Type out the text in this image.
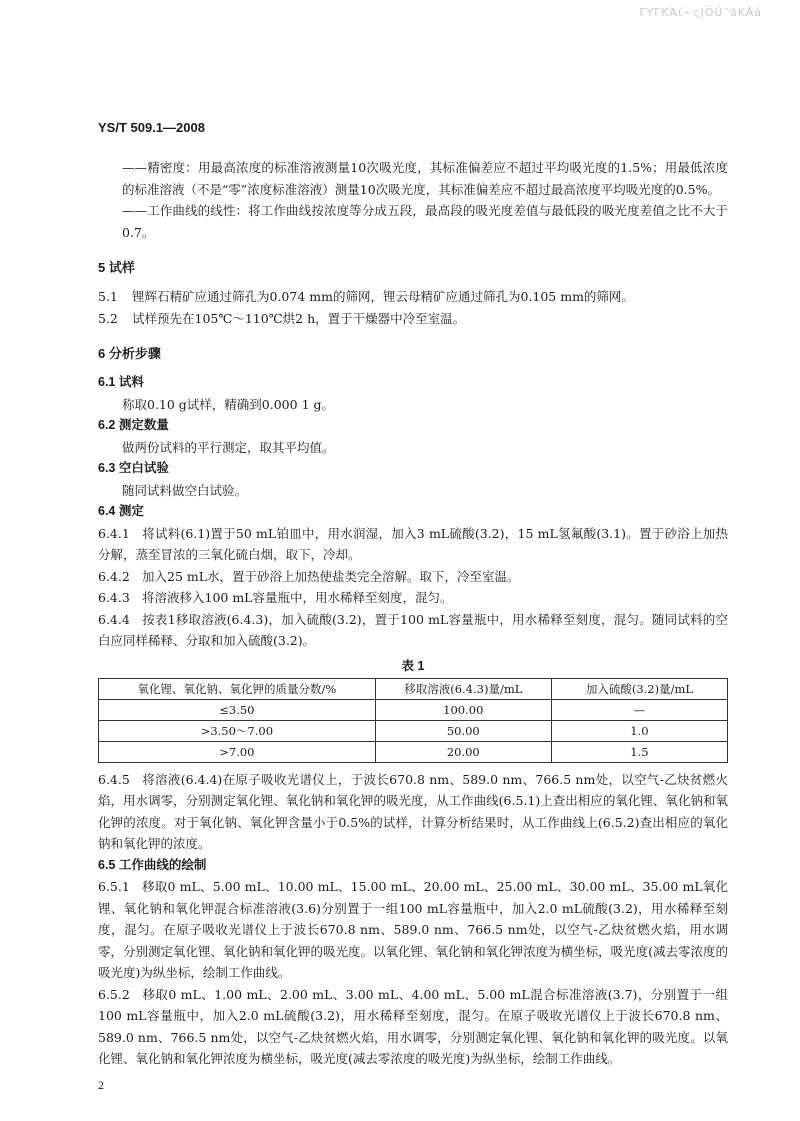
ΓΥΓΚΆί~ςJÖÜ¨äKÂá
YS/T 509.1—2008

——精密度：用最高浓度的标准溶液测量10次吸光度，其标准偏差应不超过平均吸光度的1.5%；用最低浓度的标准溶液（不是“零”浓度标准溶液）测量10次吸光度，其标准偏差应不超过最高浓度平均吸光度的0.5%。

——工作曲线的线性：将工作曲线按浓度等分成五段，最高段的吸光度差值与最低段的吸光度差值之比不大于0.7。

5 试样

5.1 锂辉石精矿应通过筛孔为0.074 mm的筛网，锂云母精矿应通过筛孔为0.105 mm的筛网。

5.2 试样预先在105℃～110℃烘2 h，置于干燥器中冷至室温。

6 分析步骤
6.1 试料

称取0.10 g试样，精确到0.000 1 g。

6.2 测定数量

做两份试料的平行测定，取其平均值。

6.3 空白试验

随同试料做空白试验。

6.4 测定

6.4.1 将试料(6.1)置于50 mL铂皿中，用水润湿，加入3 mL硫酸(3.2)，15 mL氢氟酸(3.1)。置于砂浴上加热分解，蒸至冒浓的三氧化硫白烟，取下，冷却。

6.4.2 加入25 mL水，置于砂浴上加热使盐类完全溶解。取下，冷至室温。

6.4.3 将溶液移入100 mL容量瓶中，用水稀释至刻度，混匀。

6.4.4 按表1移取溶液(6.4.3)，加入硫酸(3.2)，置于100 mL容量瓶中，用水稀释至刻度，混匀。随同试料的空白应同样稀释、分取和加入硫酸(3.2)。

表 1
氧化锂、氧化钠、氧化钾的质量分数/%	移取溶液(6.4.3)量/mL	加入硫酸(3.2)量/mL
≤3.50	100.00	—
>3.50～7.00	50.00	1.0
>7.00	20.00	1.5

6.4.5 将溶液(6.4.4)在原子吸收光谱仪上，于波长670.8 nm、589.0 nm、766.5 nm处，以空气-乙炔贫燃火焰，用水调零，分别测定氧化锂、氧化钠和氧化钾的吸光度，从工作曲线(6.5.1)上查出相应的氧化锂、氧化钠和氧化钾的浓度。对于氧化钠、氧化钾含量小于0.5%的试样，计算分析结果时，从工作曲线上(6.5.2)查出相应的氧化钠和氧化钾的浓度。

6.5 工作曲线的绘制

6.5.1 移取0 mL、5.00 mL、10.00 mL、15.00 mL、20.00 mL、25.00 mL、30.00 mL、35.00 mL氧化锂、氧化钠和氧化钾混合标准溶液(3.6)分别置于一组100 mL容量瓶中，加入2.0 mL硫酸(3.2)，用水稀释至刻度，混匀。在原子吸收光谱仪上于波长670.8 nm、589.0 nm、766.5 nm处，以空气-乙炔贫燃火焰，用水调零，分别测定氧化锂、氧化钠和氧化钾的吸光度。以氧化锂、氧化钠和氧化钾浓度为横坐标，吸光度(减去零浓度的吸光度)为纵坐标，绘制工作曲线。

6.5.2 移取0 mL、1.00 mL、2.00 mL、3.00 mL、4.00 mL、5.00 mL混合标准溶液(3.7)，分别置于一组100 mL容量瓶中，加入2.0 mL硫酸(3.2)，用水稀释至刻度，混匀。在原子吸收光谱仪上于波长670.8 nm、589.0 nm、766.5 nm处，以空气-乙炔贫燃火焰，用水调零，分别测定氧化锂、氧化钠和氧化钾的吸光度。以氧化锂、氧化钠和氧化钾浓度为横坐标，吸光度(减去零浓度的吸光度)为纵坐标，绘制工作曲线。

2
